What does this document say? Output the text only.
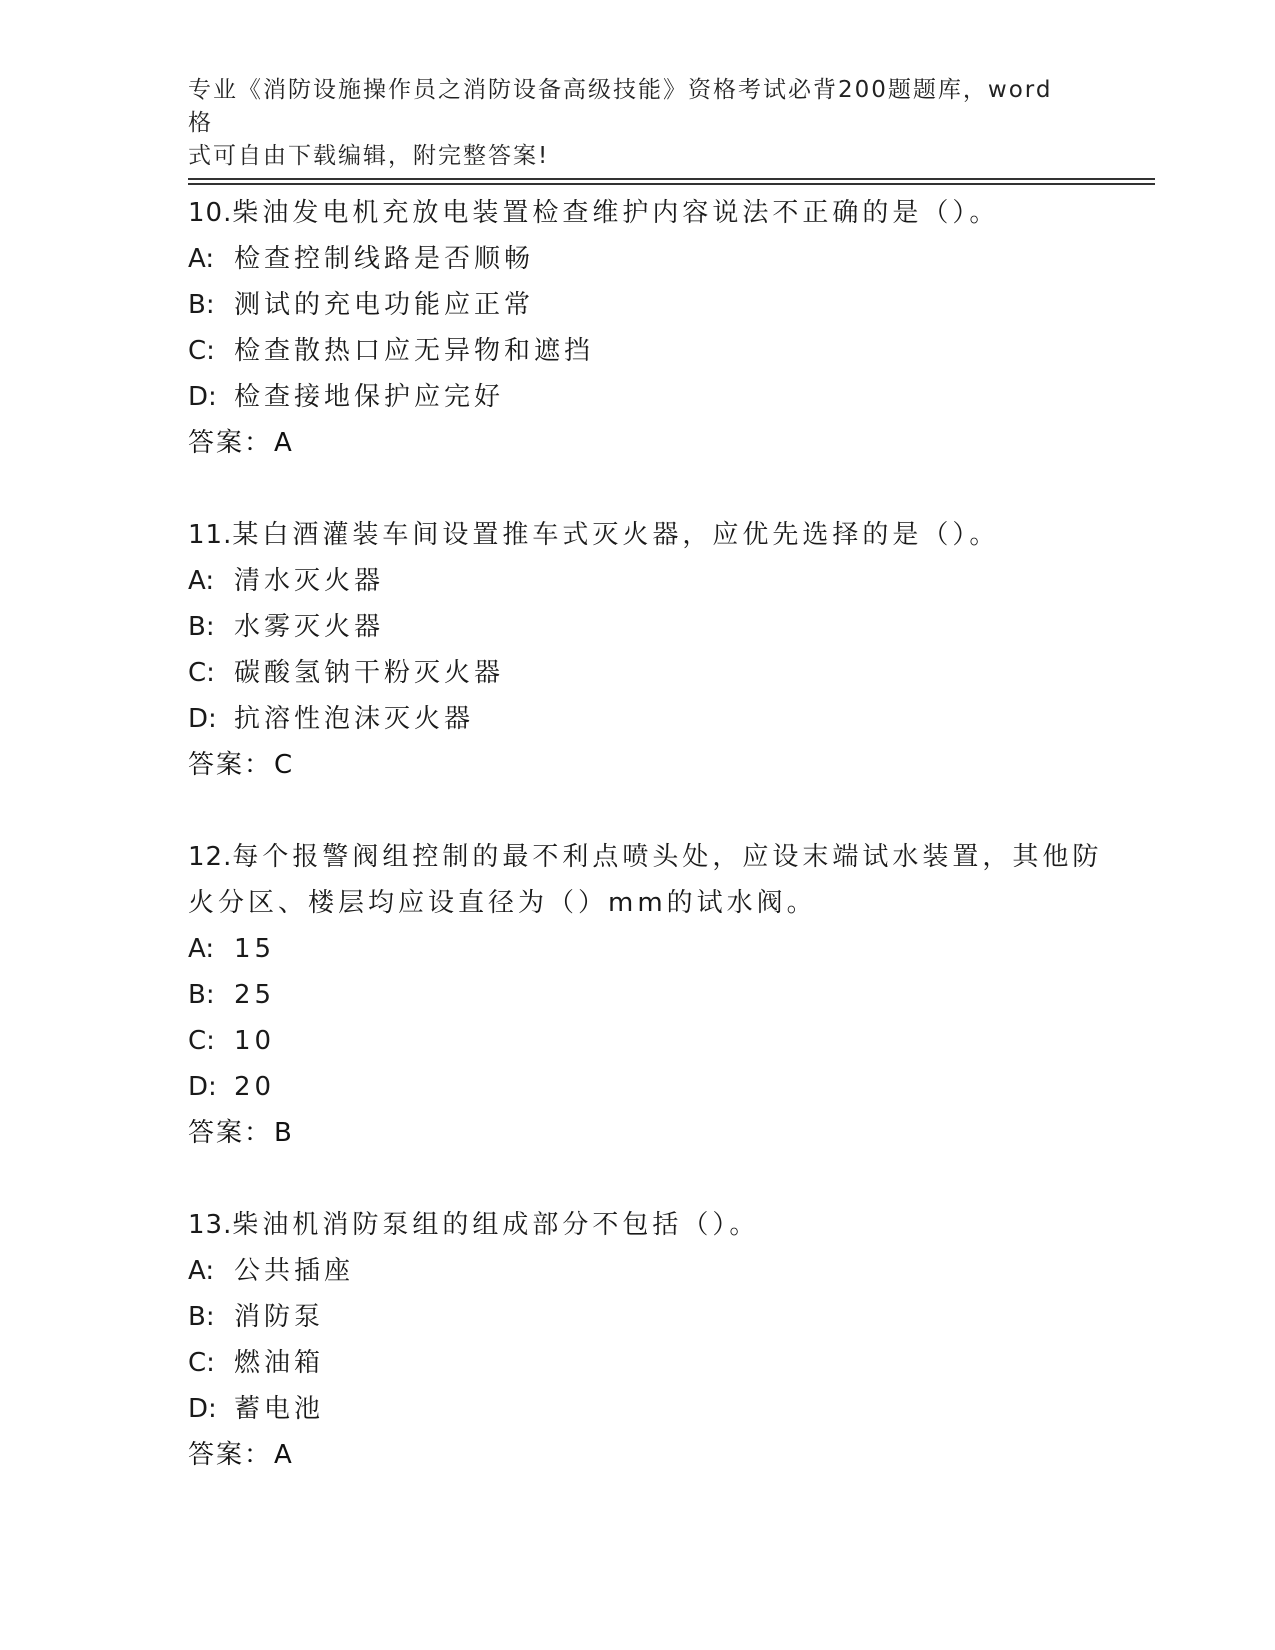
专业《消防设施操作员之消防设备高级技能》资格考试必背200题题库，word格
式可自由下载编辑，附完整答案!
10.柴油发电机充放电装置检查维护内容说法不正确的是（）。
A: 检查控制线路是否顺畅
B: 测试的充电功能应正常
C: 检查散热口应无异物和遮挡
D: 检查接地保护应完好
答案：A
11.某白酒灌装车间设置推车式灭火器，应优先选择的是（）。
A: 清水灭火器
B: 水雾灭火器
C: 碳酸氢钠干粉灭火器
D: 抗溶性泡沫灭火器
答案：C
12.每个报警阀组控制的最不利点喷头处，应设末端试水装置，其他防
火分区、楼层均应设直径为（）mm的试水阀。
A: 15
B: 25
C: 10
D: 20
答案：B
13.柴油机消防泵组的组成部分不包括（）。
A: 公共插座
B: 消防泵
C: 燃油箱
D: 蓄电池
答案：A
